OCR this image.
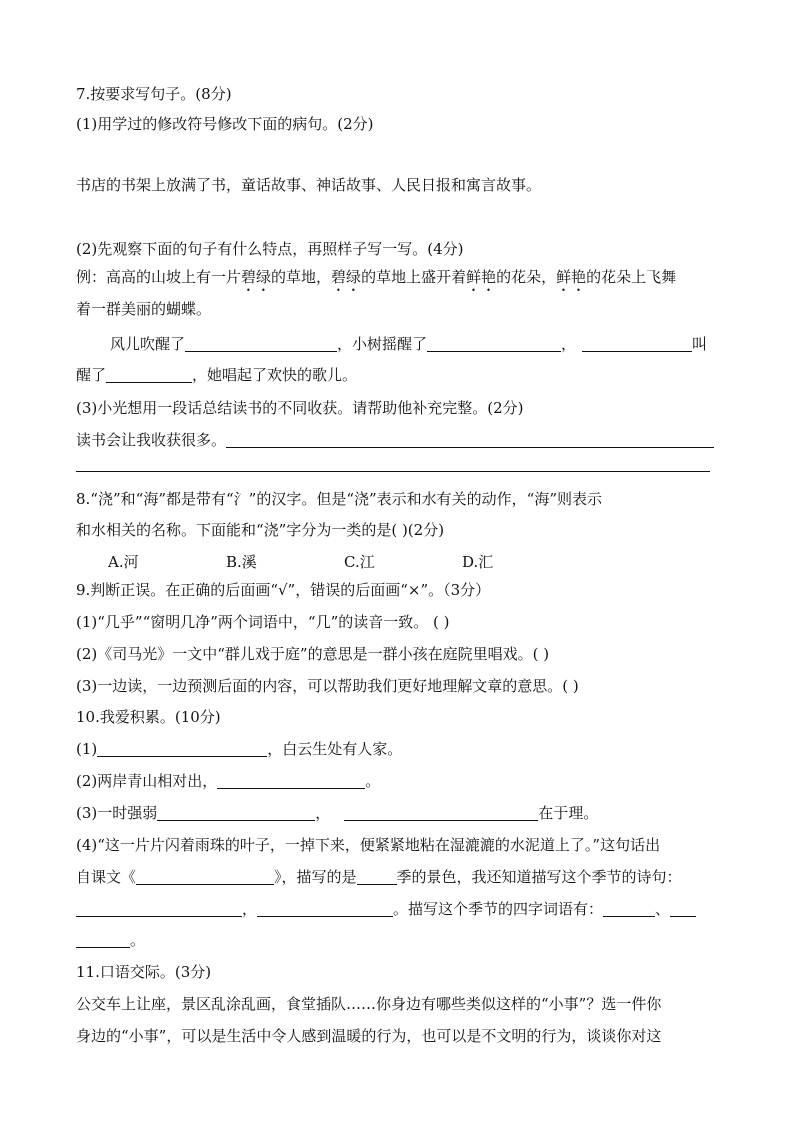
7.按要求写句子。(8分)
(1)用学过的修改符号修改下面的病句。(2分)
书店的书架上放满了书，童话故事、神话故事、人民日报和寓言故事。
(2)先观察下面的句子有什么特点，再照样子写一写。(4分)
例：高高的山坡上有一片碧绿的草地，碧绿的草地上盛开着鲜艳的花朵，鲜艳的花朵上飞舞
着一群美丽的蝴蝶。
风儿吹醒了	，小树摇醒了	，	叫
醒了	，她唱起了欢快的歌儿。
(3)小光想用一段话总结读书的不同收获。请帮助他补充完整。(2分)
读书会让我收获很多。
8.“浇”和“海”都是带有“氵”的汉字。但是“浇”表示和水有关的动作，“海”则表示
和水相关的名称。下面能和“浇”字分为一类的是( )(2分)
A.河	B.溪	C.江	D.汇
9.判断正误。在正确的后面画“√”，错误的后面画“×”。（3分）
(1)“几乎”“窗明几净”两个词语中，“几”的读音一致。 ( )
(2)《司马光》一文中“群儿戏于庭”的意思是一群小孩在庭院里唱戏。( )
(3)一边读，一边预测后面的内容，可以帮助我们更好地理解文章的意思。( )
10.我爱积累。(10分)
(1)	，白云生处有人家。
(2)两岸青山相对出，	。
(3)一时强弱	，	在于理。
(4)“这一片片闪着雨珠的叶子，一掉下来，便紧紧地粘在湿漉漉的水泥道上了。”这句话出
自课文《	》，描写的是	季的景色，我还知道描写这个季节的诗句：
，	。描写这个季节的四字词语有：	、
。
11.口语交际。(3分)
公交车上让座，景区乱涂乱画，食堂插队……你身边有哪些类似这样的“小事”？选一件你
身边的“小事”，可以是生活中令人感到温暖的行为，也可以是不文明的行为，谈谈你对这
